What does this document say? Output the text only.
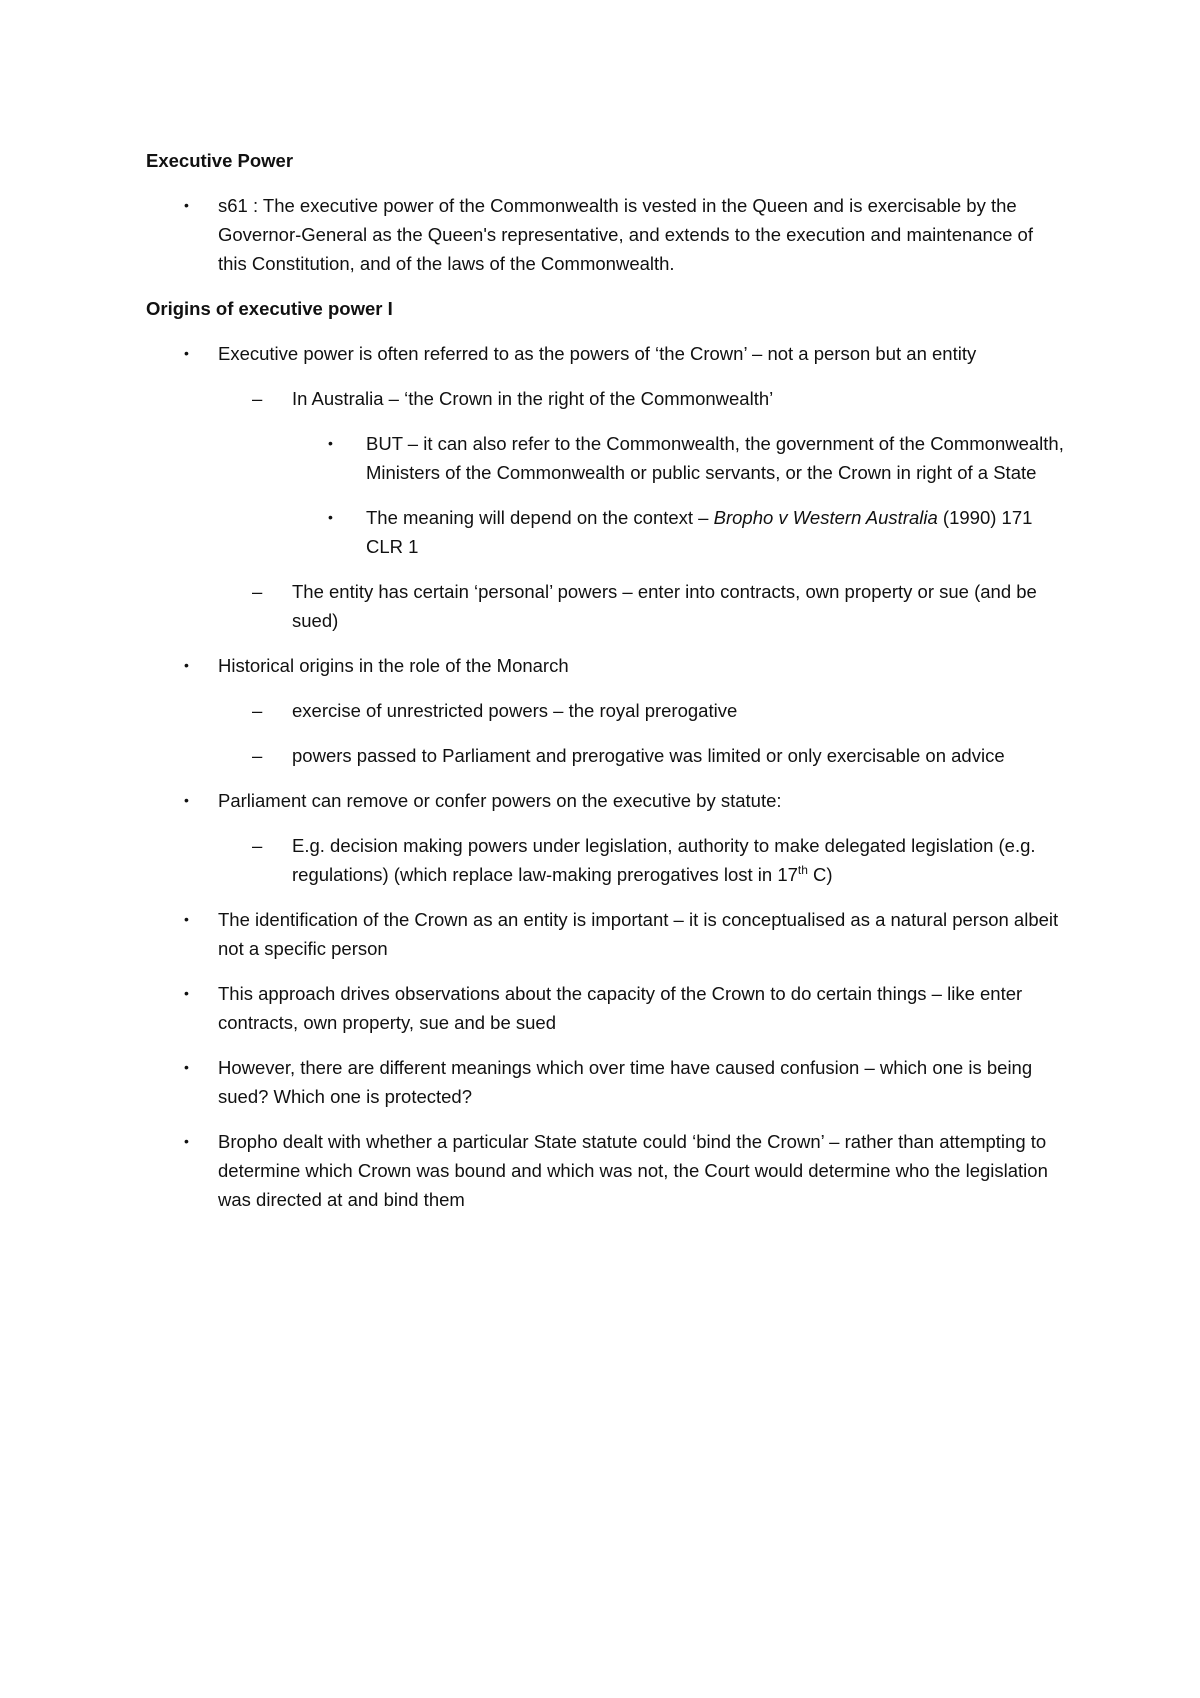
Executive Power
• s61 : The executive power of the Commonwealth is vested in the Queen and is exercisable by the Governor-General as the Queen's representative, and extends to the execution and maintenance of this Constitution, and of the laws of the Commonwealth.
Origins of executive power I
• Executive power is often referred to as the powers of ‘the Crown’ – not a person but an entity
– In Australia – ‘the Crown in the right of the Commonwealth’
• BUT – it can also refer to the Commonwealth, the government of the Commonwealth, Ministers of the Commonwealth or public servants, or the Crown in right of a State
• The meaning will depend on the context – Bropho v Western Australia (1990) 171 CLR 1
– The entity has certain ‘personal’ powers – enter into contracts, own property or sue (and be sued)
• Historical origins in the role of the Monarch
– exercise of unrestricted powers – the royal prerogative
– powers passed to Parliament and prerogative was limited or only exercisable on advice
• Parliament can remove or confer powers on the executive by statute:
– E.g. decision making powers under legislation, authority to make delegated legislation (e.g. regulations) (which replace law-making prerogatives lost in 17th C)
• The identification of the Crown as an entity is important – it is conceptualised as a natural person albeit not a specific person
• This approach drives observations about the capacity of the Crown to do certain things – like enter contracts, own property, sue and be sued
• However, there are different meanings which over time have caused confusion – which one is being sued? Which one is protected?
• Bropho dealt with whether a particular State statute could ‘bind the Crown’ – rather than attempting to determine which Crown was bound and which was not, the Court would determine who the legislation was directed at and bind them
